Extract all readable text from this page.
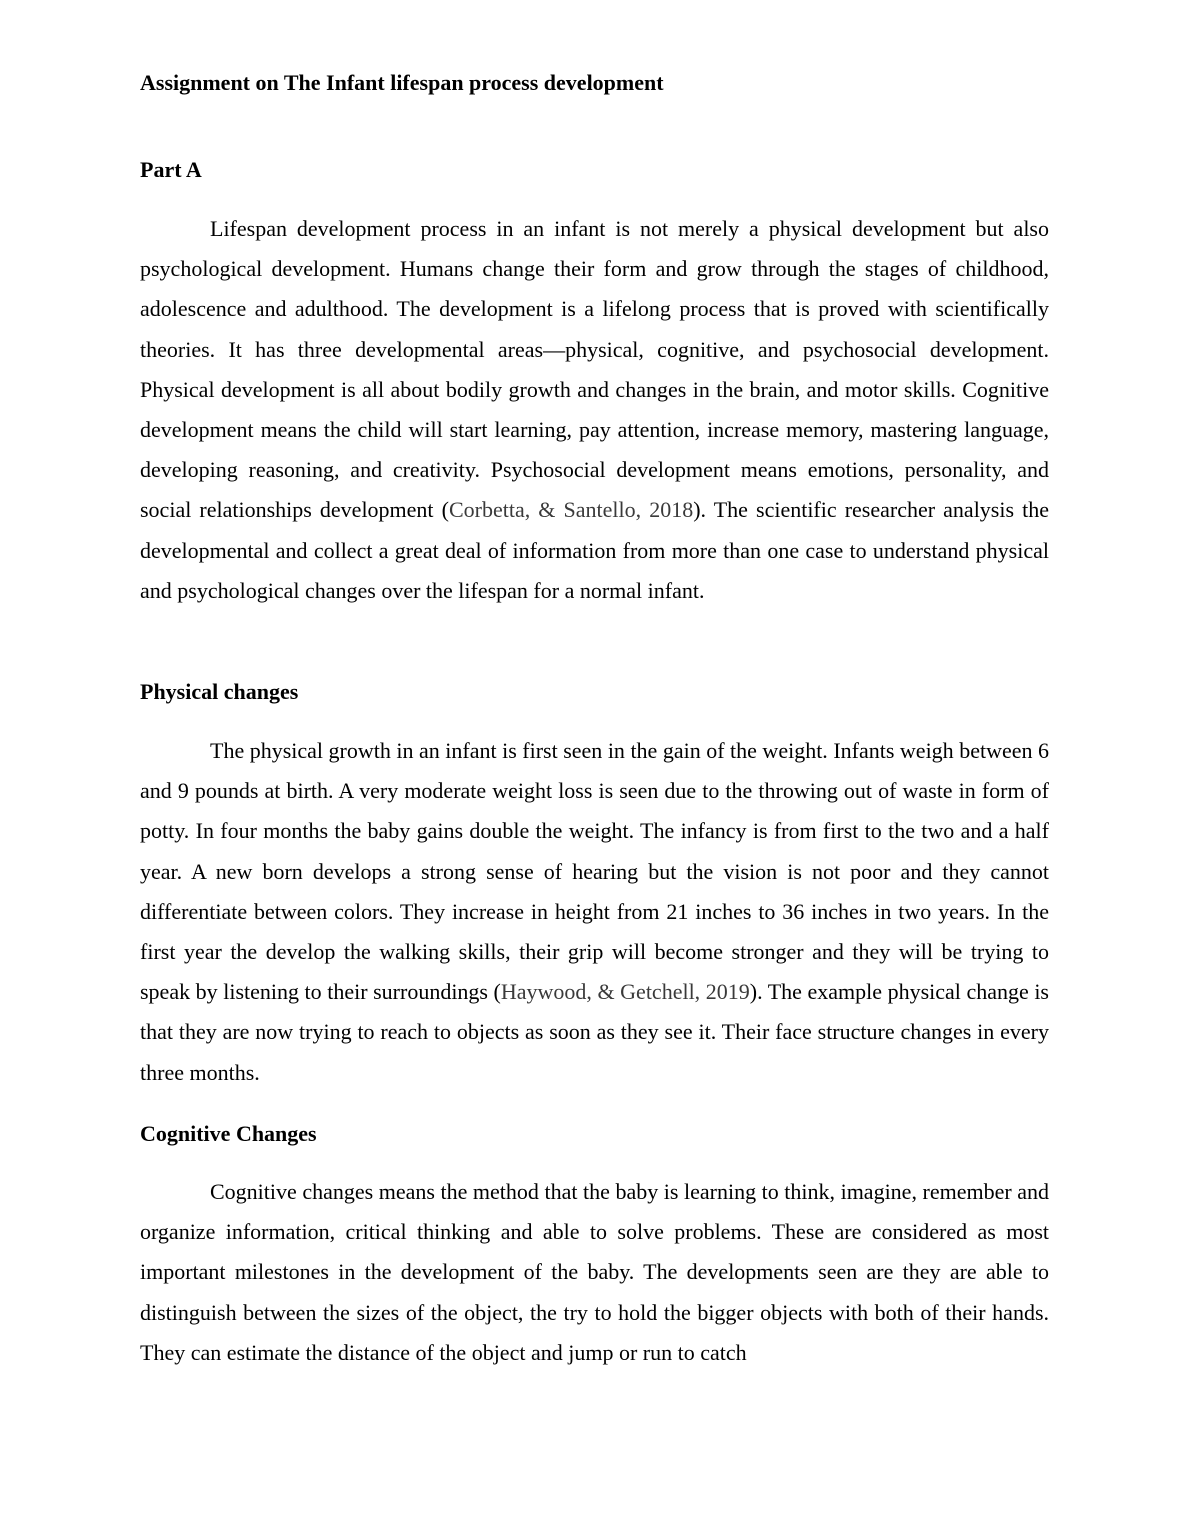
Assignment on The Infant lifespan process development
Part A

Lifespan development process in an infant is not merely a physical development but also psychological development. Humans change their form and grow through the stages of childhood, adolescence and adulthood. The development is a lifelong process that is proved with scientifically theories. It has three developmental areas—physical, cognitive, and psychosocial development. Physical development is all about bodily growth and changes in the brain, and motor skills. Cognitive development means the child will start learning, pay attention, increase memory, mastering language, developing reasoning, and creativity. Psychosocial development means emotions, personality, and social relationships development (Corbetta, & Santello, 2018). The scientific researcher analysis the developmental and collect a great deal of information from more than one case to understand physical and psychological changes over the lifespan for a normal infant.

Physical changes

The physical growth in an infant is first seen in the gain of the weight. Infants weigh between 6 and 9 pounds at birth. A very moderate weight loss is seen due to the throwing out of waste in form of potty. In four months the baby gains double the weight. The infancy is from first to the two and a half year. A new born develops a strong sense of hearing but the vision is not poor and they cannot differentiate between colors. They increase in height from 21 inches to 36 inches in two years. In the first year the develop the walking skills, their grip will become stronger and they will be trying to speak by listening to their surroundings (Haywood, & Getchell, 2019). The example physical change is that they are now trying to reach to objects as soon as they see it. Their face structure changes in every three months.

Cognitive Changes

Cognitive changes means the method that the baby is learning to think, imagine, remember and organize information, critical thinking and able to solve problems. These are considered as most important milestones in the development of the baby. The developments seen are they are able to distinguish between the sizes of the object, the try to hold the bigger objects with both of their hands. They can estimate the distance of the object and jump or run to catch
